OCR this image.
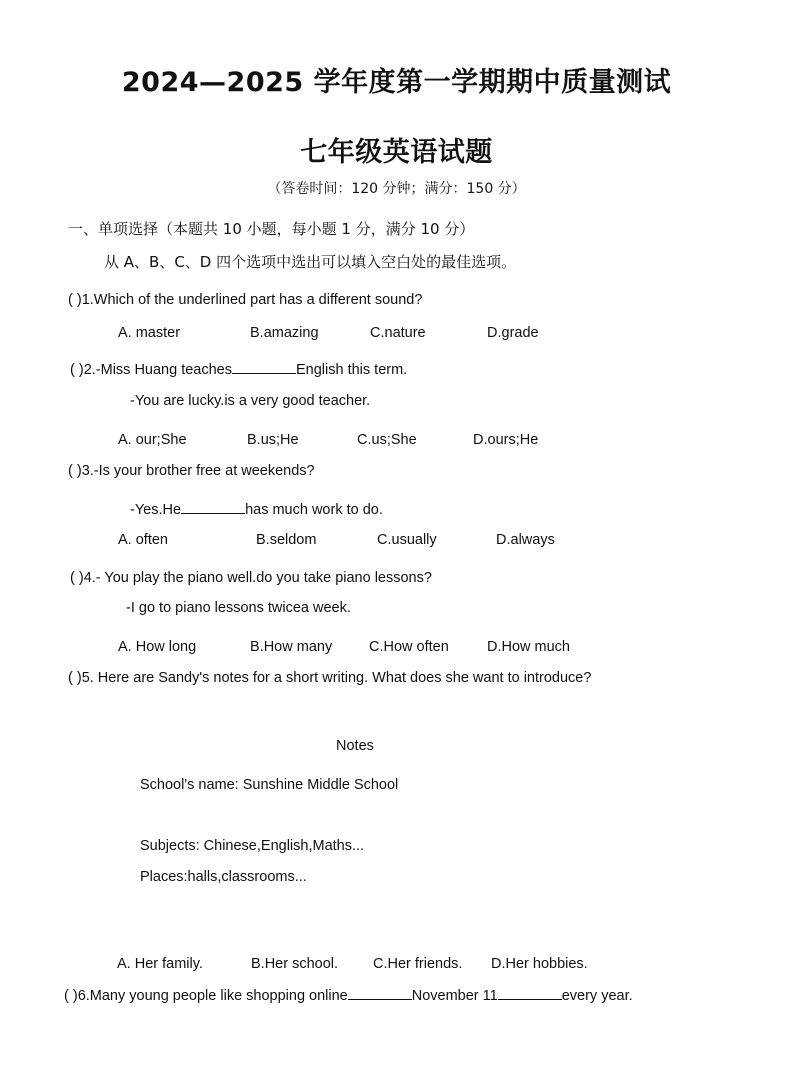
2024—2025 学年度第一学期期中质量测试
七年级英语试题
（答卷时间：120 分钟；满分：150 分）
一、单项选择（本题共 10 小题，每小题 1 分，满分 10 分）
从 A、B、C、D 四个选项中选出可以填入空白处的最佳选项。
( )1.Which of the underlined part has a different sound?
A. master	B.amazing	C.nature	D.grade
( )2.-Miss Huang teaches	English this term.
-You are lucky.is a very good teacher.
A. our;She	B.us;He	C.us;She	D.ours;He
( )3.-Is your brother free at weekends?
-Yes.He	has much work to do.
A. often	B.seldom	C.usually	D.always
( )4.- You play the piano well.do you take piano lessons?
-I go to piano lessons twicea week.
A. How long	B.How many	C.How often	D.How much
( )5. Here are Sandy's notes for a short writing. What does she want to introduce?
Notes
School's name: Sunshine Middle School
Subjects: Chinese,English,Maths...
Places:halls,classrooms...
A. Her family.	B.Her school. C.Her friends. D.Her hobbies.
( )6.Many young people like shopping online	November 11	every year.
